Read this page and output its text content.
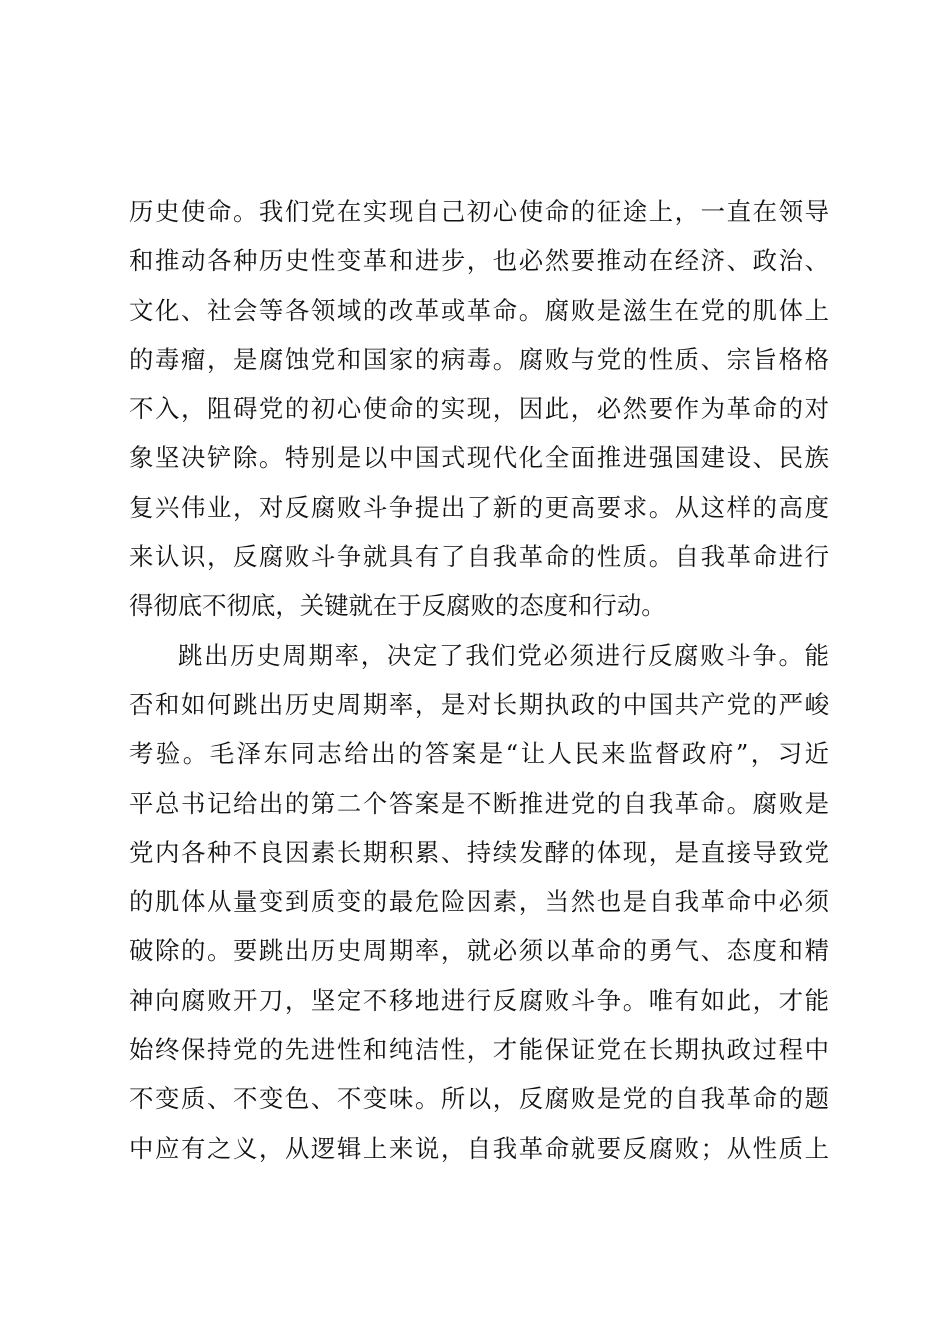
历史使命。我们党在实现自己初心使命的征途上，一直在领导
和推动各种历史性变革和进步，也必然要推动在经济、政治、
文化、社会等各领域的改革或革命。腐败是滋生在党的肌体上
的毒瘤，是腐蚀党和国家的病毒。腐败与党的性质、宗旨格格
不入，阻碍党的初心使命的实现，因此，必然要作为革命的对
象坚决铲除。特别是以中国式现代化全面推进强国建设、民族
复兴伟业，对反腐败斗争提出了新的更高要求。从这样的高度
来认识，反腐败斗争就具有了自我革命的性质。自我革命进行
得彻底不彻底，关键就在于反腐败的态度和行动。
跳出历史周期率，决定了我们党必须进行反腐败斗争。能
否和如何跳出历史周期率，是对长期执政的中国共产党的严峻
考验。毛泽东同志给出的答案是“让人民来监督政府”，习近
平总书记给出的第二个答案是不断推进党的自我革命。腐败是
党内各种不良因素长期积累、持续发酵的体现，是直接导致党
的肌体从量变到质变的最危险因素，当然也是自我革命中必须
破除的。要跳出历史周期率，就必须以革命的勇气、态度和精
神向腐败开刀，坚定不移地进行反腐败斗争。唯有如此，才能
始终保持党的先进性和纯洁性，才能保证党在长期执政过程中
不变质、不变色、不变味。所以，反腐败是党的自我革命的题
中应有之义，从逻辑上来说，自我革命就要反腐败；从性质上
